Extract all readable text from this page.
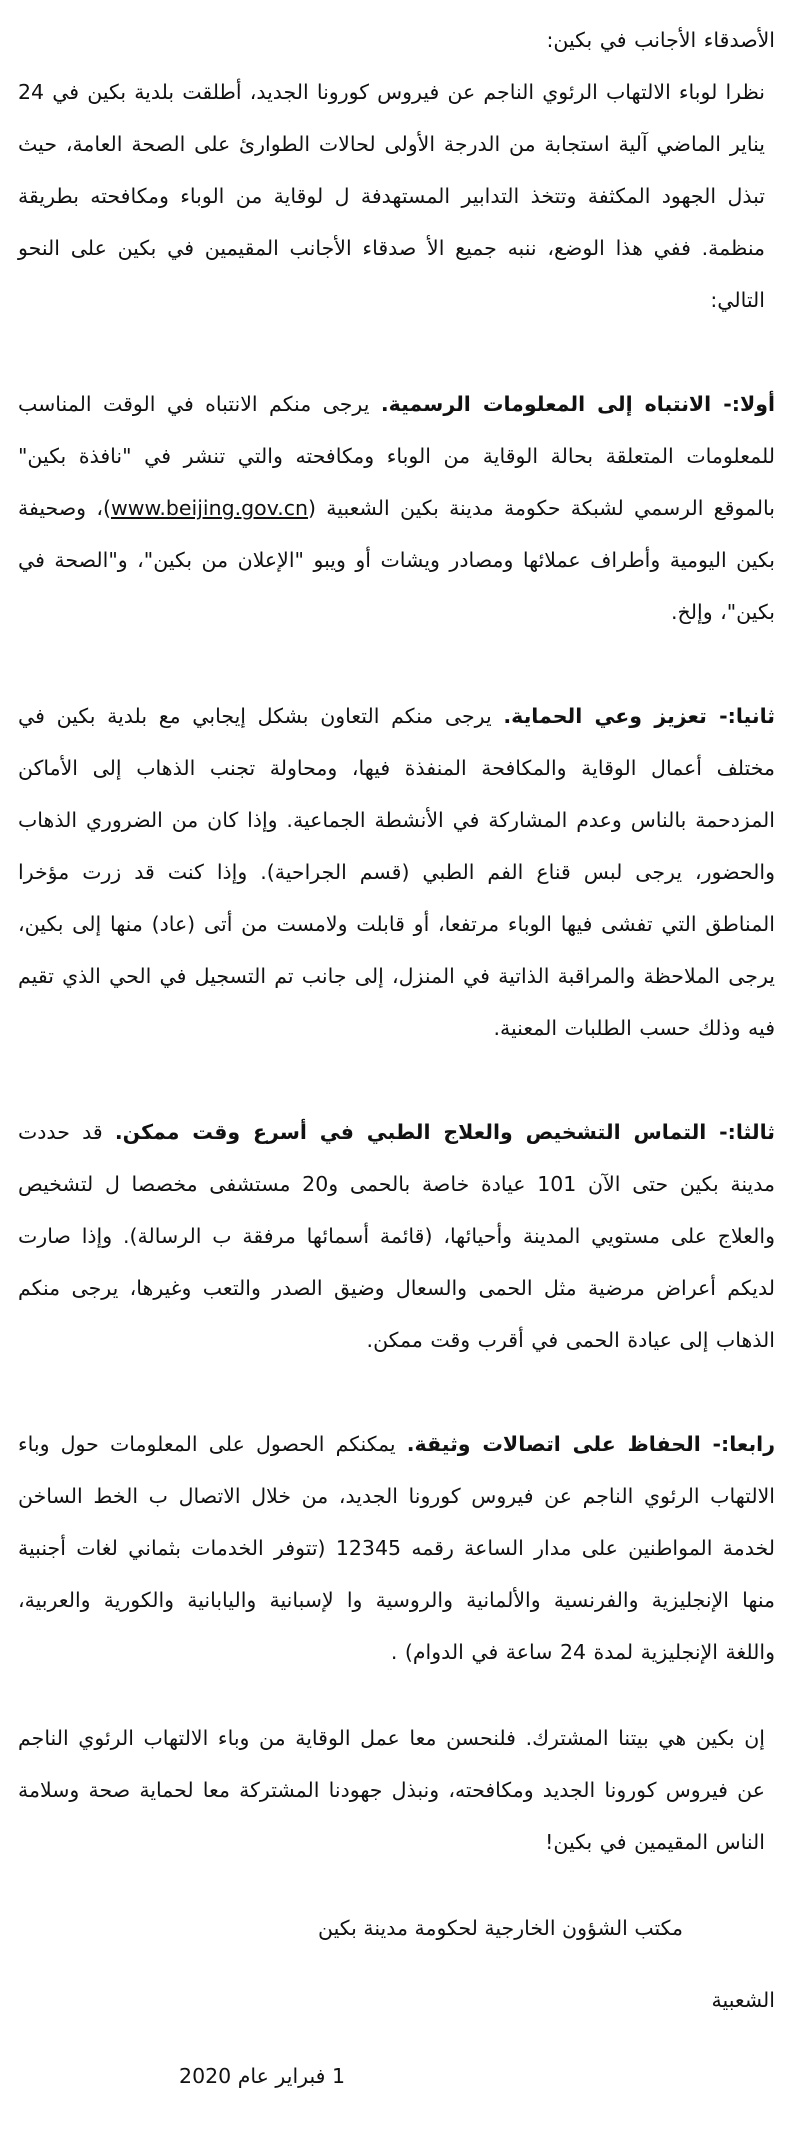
الأصدقاء الأجانب في بكين:

نظرا لوباء الالتهاب الرئوي الناجم عن فيروس كورونا الجديد، أطلقت بلدية بكين في 24 يناير الماضي آلية استجابة من الدرجة الأولى لحالات الطوارئ على الصحة العامة، حيث تبذل الجهود المكثفة وتتخذ التدابير المستهدفة ل لوقاية من الوباء ومكافحته بطريقة منظمة. ففي هذا الوضع، ننبه جميع الأ صدقاء الأجانب المقيمين في بكين على النحو التالي:

أولا:- الانتباه إلى المعلومات الرسمية. يرجى منكم الانتباه في الوقت المناسب للمعلومات المتعلقة بحالة الوقاية من الوباء ومكافحته والتي تنشر في "نافذة بكين" بالموقع الرسمي لشبكة حكومة مدينة بكين الشعبية (www.beijing.gov.cn)، وصحيفة بكين اليومية وأطراف عملائها ومصادر ويشات أو ويبو "الإعلان من بكين"، و"الصحة في بكين"، وإلخ.

ثانيا:- تعزيز وعي الحماية. يرجى منكم التعاون بشكل إيجابي مع بلدية بكين في مختلف أعمال الوقاية والمكافحة المنفذة فيها، ومحاولة تجنب الذهاب إلى الأماكن المزدحمة بالناس وعدم المشاركة في الأنشطة الجماعية. وإذا كان من الضروري الذهاب والحضور، يرجى لبس قناع الفم الطبي (قسم الجراحية). وإذا كنت قد زرت مؤخرا المناطق التي تفشى فيها الوباء مرتفعا، أو قابلت ولامست من أتى (عاد) منها إلى بكين، يرجى الملاحظة والمراقبة الذاتية في المنزل، إلى جانب تم التسجيل في الحي الذي تقيم فيه وذلك حسب الطلبات المعنية.

ثالثا:- التماس التشخيص والعلاج الطبي في أسرع وقت ممكن. قد حددت مدينة بكين حتى الآن 101 عيادة خاصة بالحمى و20 مستشفى مخصصا ل لتشخيص والعلاج على مستويي المدينة وأحيائها، (قائمة أسمائها مرفقة ب الرسالة). وإذا صارت لديكم أعراض مرضية مثل الحمى والسعال وضيق الصدر والتعب وغيرها، يرجى منكم الذهاب إلى عيادة الحمى في أقرب وقت ممكن.

رابعا:- الحفاظ على اتصالات وثيقة. يمكنكم الحصول على المعلومات حول وباء الالتهاب الرئوي الناجم عن فيروس كورونا الجديد، من خلال الاتصال ب الخط الساخن لخدمة المواطنين على مدار الساعة رقمه 12345 (تتوفر الخدمات بثماني لغات أجنبية منها الإنجليزية والفرنسية والألمانية والروسية وا لإسبانية واليابانية والكورية والعربية، واللغة الإنجليزية لمدة 24 ساعة في الدوام) .

إن بكين هي بيتنا المشترك. فلنحسن معا عمل الوقاية من وباء الالتهاب الرئوي الناجم عن فيروس كورونا الجديد ومكافحته، ونبذل جهودنا المشتركة معا لحماية صحة وسلامة الناس المقيمين في بكين!

مكتب الشؤون الخارجية لحكومة مدينة بكين

الشعبية

1 فبراير عام 2020
